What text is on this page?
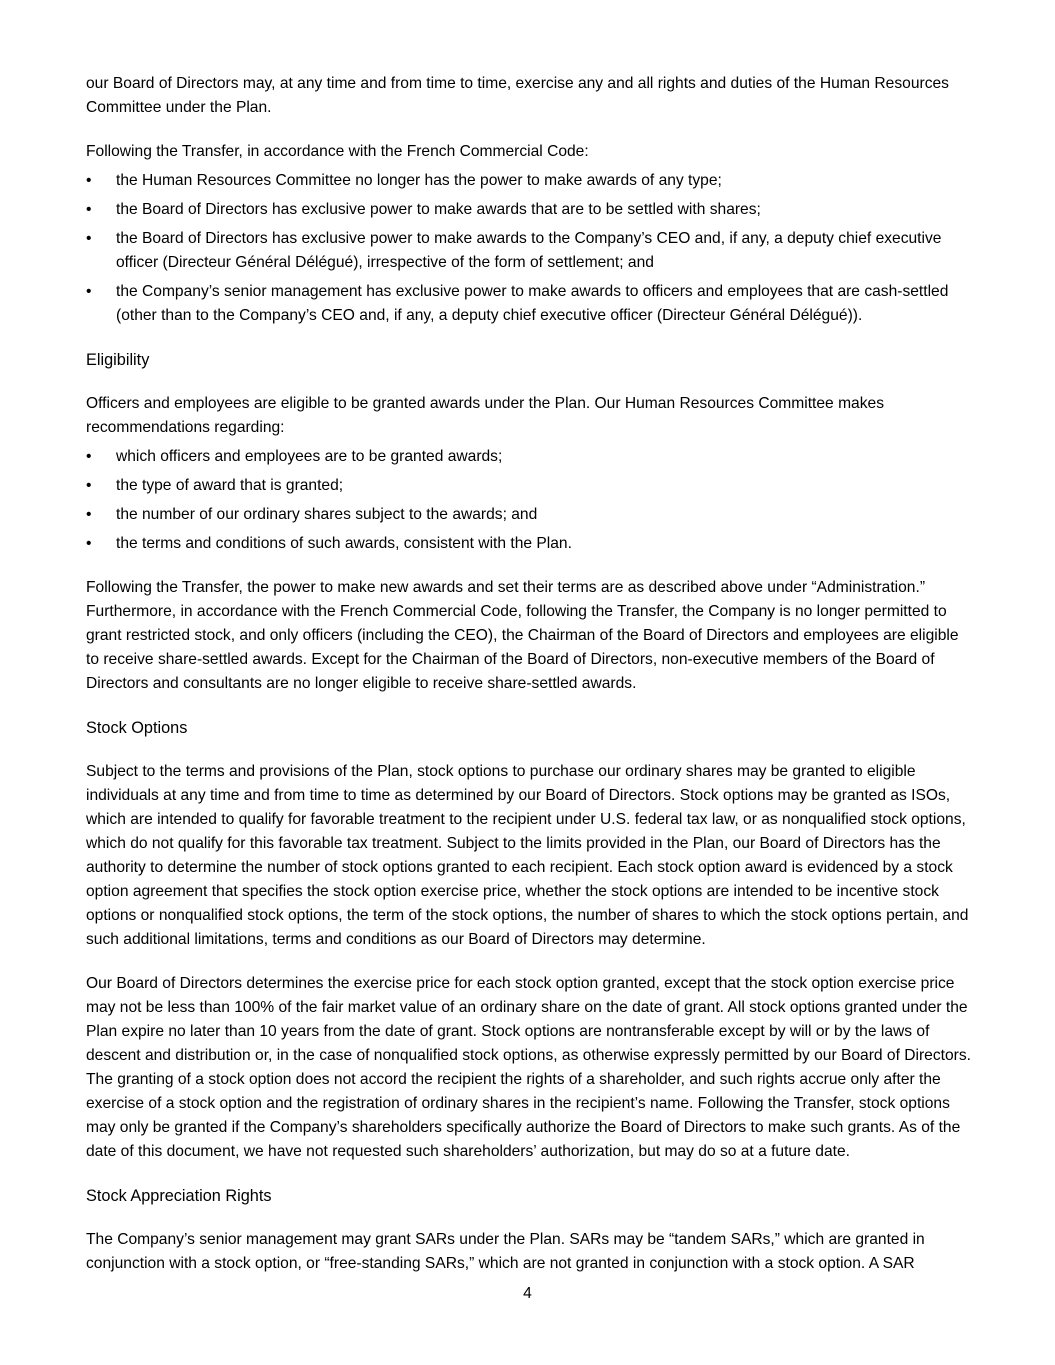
our Board of Directors may, at any time and from time to time, exercise any and all rights and duties of the Human Resources Committee under the Plan.

Following the Transfer, in accordance with the French Commercial Code:

•	the Human Resources Committee no longer has the power to make awards of any type;
•	the Board of Directors has exclusive power to make awards that are to be settled with shares;
•	the Board of Directors has exclusive power to make awards to the Company’s CEO and, if any, a deputy chief executive officer (Directeur Général Délégué), irrespective of the form of settlement; and
•	the Company’s senior management has exclusive power to make awards to officers and employees that are cash-settled (other than to the Company’s CEO and, if any, a deputy chief executive officer (Directeur Général Délégué)).
Eligibility

Officers and employees are eligible to be granted awards under the Plan. Our Human Resources Committee makes recommendations regarding:

•	which officers and employees are to be granted awards;
•	the type of award that is granted;
•	the number of our ordinary shares subject to the awards; and
•	the terms and conditions of such awards, consistent with the Plan.

Following the Transfer, the power to make new awards and set their terms are as described above under “Administration.” Furthermore, in accordance with the French Commercial Code, following the Transfer, the Company is no longer permitted to grant restricted stock, and only officers (including the CEO), the Chairman of the Board of Directors and employees are eligible to receive share-settled awards. Except for the Chairman of the Board of Directors, non-executive members of the Board of Directors and consultants are no longer eligible to receive share-settled awards.

Stock Options

Subject to the terms and provisions of the Plan, stock options to purchase our ordinary shares may be granted to eligible individuals at any time and from time to time as determined by our Board of Directors. Stock options may be granted as ISOs, which are intended to qualify for favorable treatment to the recipient under U.S. federal tax law, or as nonqualified stock options, which do not qualify for this favorable tax treatment. Subject to the limits provided in the Plan, our Board of Directors has the authority to determine the number of stock options granted to each recipient. Each stock option award is evidenced by a stock option agreement that specifies the stock option exercise price, whether the stock options are intended to be incentive stock options or nonqualified stock options, the term of the stock options, the number of shares to which the stock options pertain, and such additional limitations, terms and conditions as our Board of Directors may determine.

Our Board of Directors determines the exercise price for each stock option granted, except that the stock option exercise price may not be less than 100% of the fair market value of an ordinary share on the date of grant. All stock options granted under the Plan expire no later than 10 years from the date of grant. Stock options are nontransferable except by will or by the laws of descent and distribution or, in the case of nonqualified stock options, as otherwise expressly permitted by our Board of Directors. The granting of a stock option does not accord the recipient the rights of a shareholder, and such rights accrue only after the exercise of a stock option and the registration of ordinary shares in the recipient’s name. Following the Transfer, stock options may only be granted if the Company’s shareholders specifically authorize the Board of Directors to make such grants. As of the date of this document, we have not requested such shareholders’ authorization, but may do so at a future date.

Stock Appreciation Rights

The Company’s senior management may grant SARs under the Plan. SARs may be “tandem SARs,” which are granted in conjunction with a stock option, or “free-standing SARs,” which are not granted in conjunction with a stock option. A SAR

4
